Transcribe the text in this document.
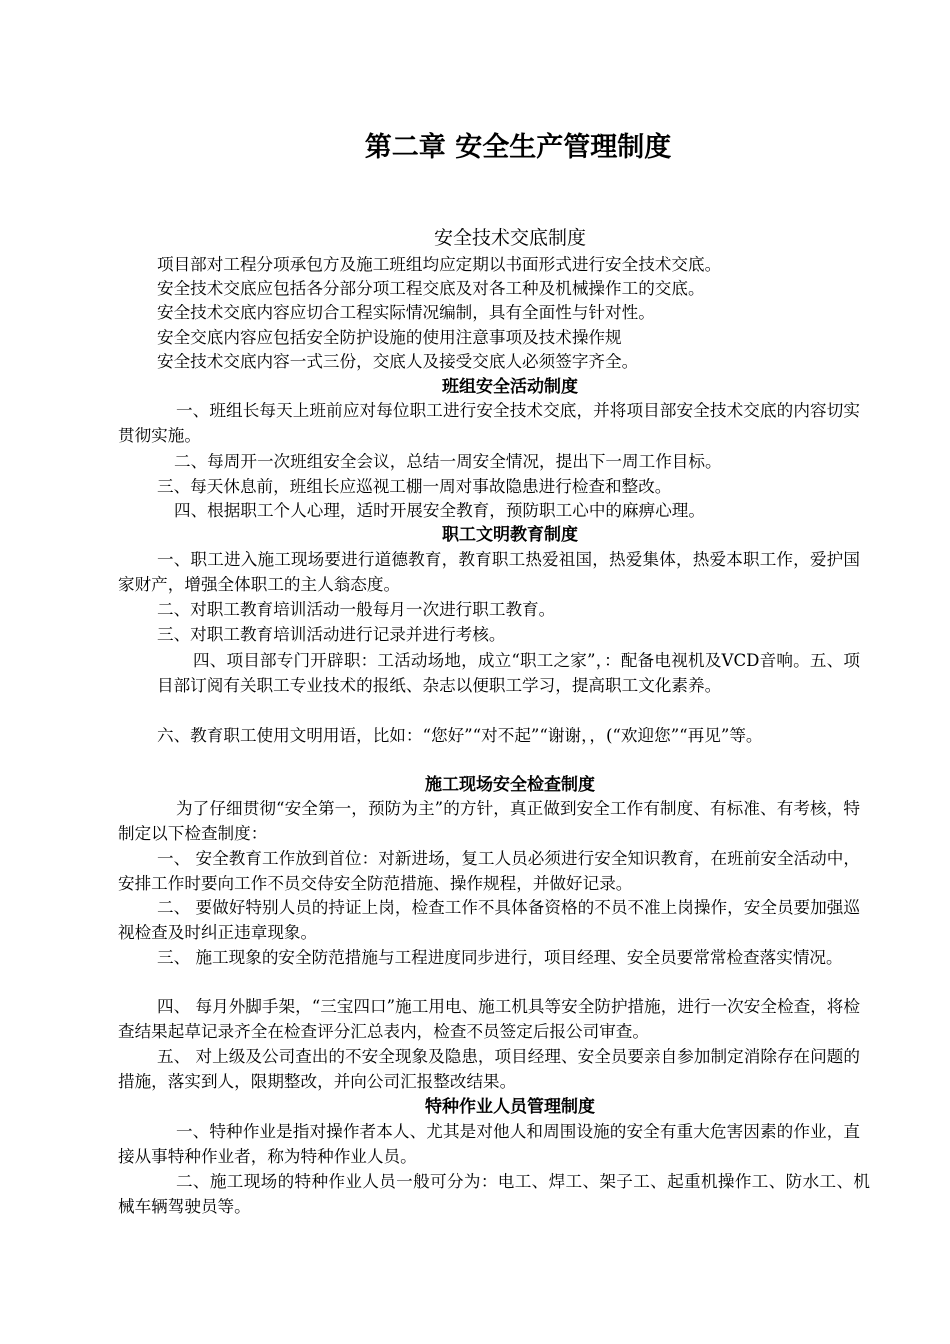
第二章 安全生产管理制度
安全技术交底制度
项目部对工程分项承包方及施工班组均应定期以书面形式进行安全技术交底。
安全技术交底应包括各分部分项工程交底及对各工种及机械操作工的交底。
安全技术交底内容应切合工程实际情况编制，具有全面性与针对性。
安全交底内容应包括安全防护设施的使用注意事项及技术操作规
安全技术交底内容一式三份，交底人及接受交底人必须签字齐全。
班组安全活动制度

一、班组长每天上班前应对每位职工进行安全技术交底，并将项目部安全技术交底的内容切实贯彻实施。

二、每周开一次班组安全会议，总结一周安全情况，提出下一周工作目标。

三、每天休息前，班组长应巡视工棚一周对事故隐患进行检查和整改。

四、根据职工个人心理，适时开展安全教育，预防职工心中的麻痹心理。

职工文明教育制度

一、职工进入施工现场要进行道德教育，教育职工热爱祖国，热爱集体，热爱本职工作，爱护国家财产，增强全体职工的主人翁态度。

二、对职工教育培训活动一般每月一次进行职工教育。

三、对职工教育培训活动进行记录并进行考核。

四、项目部专门开辟职：工活动场地，成立“职工之家”，：配备电视机及VCD音响。五、项目部订阅有关职工专业技术的报纸、杂志以便职工学习，提高职工文化素养。

六、教育职工使用文明用语，比如：“您好”“对不起”“谢谢，，(“欢迎您”“再见”等。

施工现场安全检查制度

为了仔细贯彻“安全第一，预防为主”的方针，真正做到安全工作有制度、有标准、有考核，特制定以下检查制度：

一、 安全教育工作放到首位：对新进场，复工人员必须进行安全知识教育，在班前安全活动中，安排工作时要向工作不员交侍安全防范措施、操作规程，并做好记录。

二、 要做好特别人员的持证上岗，检查工作不具体备资格的不员不准上岗操作，安全员要加强巡视检查及时纠正违章现象。

三、 施工现象的安全防范措施与工程进度同步进行，项目经理、安全员要常常检查落实情况。

四、 每月外脚手架，“三宝四口”施工用电、施工机具等安全防护措施，进行一次安全检查，将检查结果起草记录齐全在检查评分汇总表内，检查不员签定后报公司审查。

五、 对上级及公司查出的不安全现象及隐患，项目经理、安全员要亲自参加制定消除存在问题的措施，落实到人，限期整改，并向公司汇报整改结果。

特种作业人员管理制度

一、特种作业是指对操作者本人、尤其是对他人和周围设施的安全有重大危害因素的作业，直接从事特种作业者，称为特种作业人员。

二、施工现场的特种作业人员一般可分为：电工、焊工、架子工、起重机操作工、防水工、机械车辆驾驶员等。
